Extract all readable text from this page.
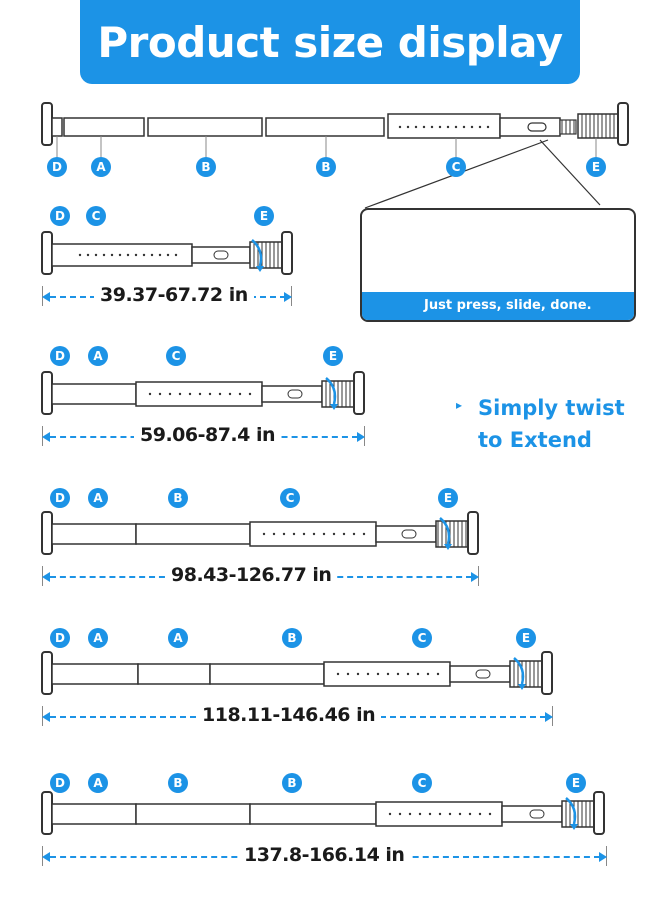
Product size display
D	A	B	B	C	E
Just press, slide, done.
D	C	E
39.37-67.72 in
▸ Simply twist
to Extend
D	A	C	E
59.06-87.4 in
D	A	B	C	E
98.43-126.77 in
D	A	A	B	C	E
118.11-146.46 in
D	A	B	B	C	E
137.8-166.14 in
